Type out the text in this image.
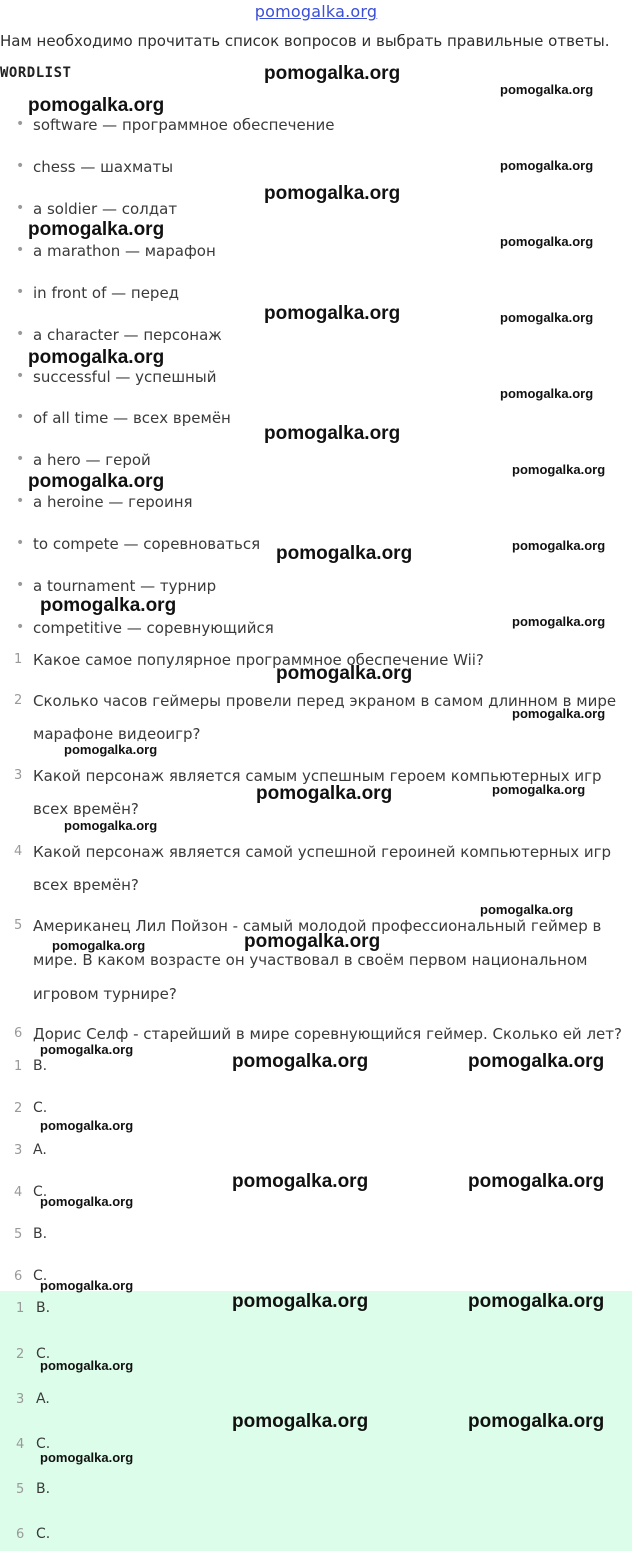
pomogalka.org
Нам необходимо прочитать список вопросов и выбрать правильные ответы.
WORDLIST
• software — программное обеспечение
• chess — шахматы
• a soldier — солдат
• a marathon — марафон
• in front of — перед
• a character — персонаж
• successful — успешный
• of all time — всех времён
• a hero — герой
• a heroine — героиня
• to compete — соревноваться
• a tournament — турнир
• competitive — соревнующийся
1 Какое самое популярное программное обеспечение Wii?
2 Сколько часов геймеры провели перед экраном в самом длинном в мире
марафоне видеоигр?
3 Какой персонаж является самым успешным героем компьютерных игр
всех времён?
4 Какой персонаж является самой успешной героиней компьютерных игр
всех времён?
5 Американец Лил Пойзон - самый молодой профессиональный геймер в
мире. В каком возрасте он участвовал в своём первом национальном
игровом турнире?
6 Дорис Селф - старейший в мире соревнующийся геймер. Сколько ей лет?
1 B.
2 C.
3 A.
4 C.
5 B.
6 C.
1 B.
2 C.
3 A.
4 C.
5 B.
6 C.
pomogalka.org
pomogalka.org
pomogalka.org
pomogalka.org
pomogalka.org
pomogalka.org
pomogalka.org
pomogalka.org
pomogalka.org
pomogalka.org
pomogalka.org
pomogalka.org
pomogalka.org
pomogalka.org	pomogalka.org
pomogalka.org	pomogalka.org
pomogalka.org	pomogalka.org
pomogalka.org	pomogalka.org
pomogalka.org
pomogalka.org
pomogalka.org
pomogalka.org
pomogalka.org
pomogalka.org
pomogalka.org
pomogalka.org
pomogalka.org
pomogalka.org
pomogalka.org
pomogalka.org
pomogalka.org
pomogalka.org
pomogalka.org
pomogalka.org
pomogalka.org
pomogalka.org
pomogalka.org
pomogalka.org
